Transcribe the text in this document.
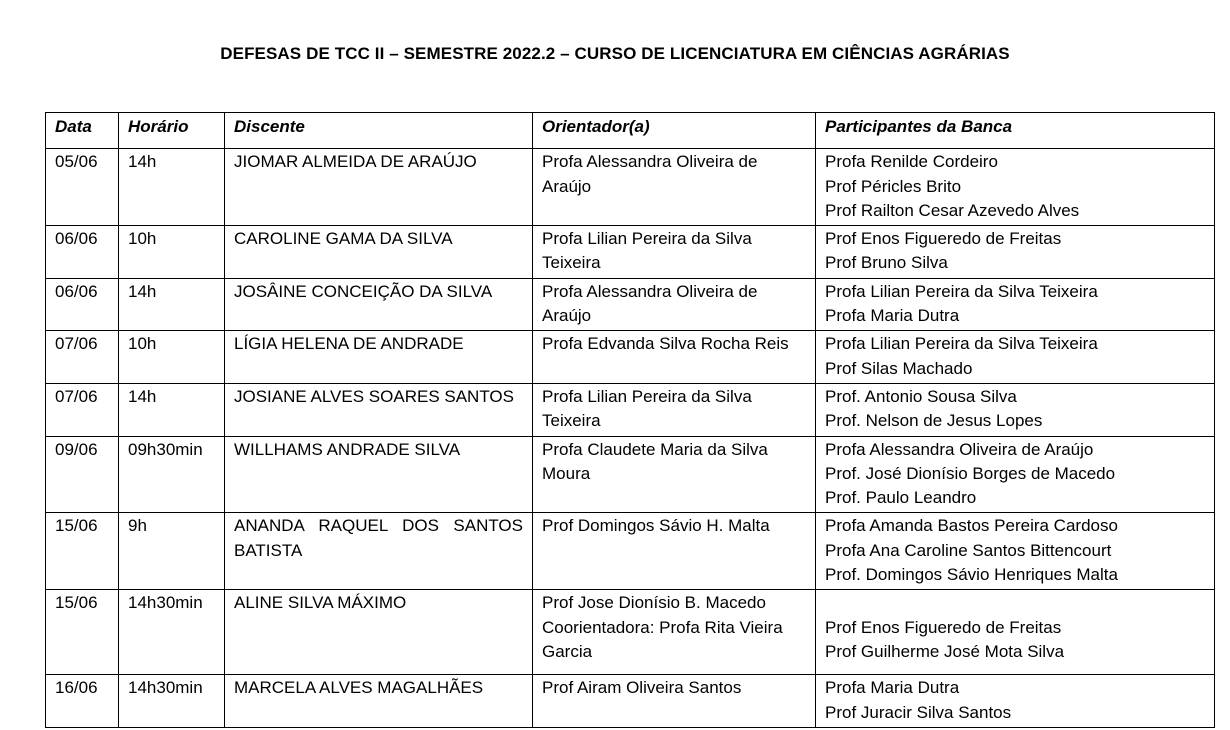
DEFESAS DE TCC II – SEMESTRE 2022.2 – CURSO DE LICENCIATURA EM CIÊNCIAS AGRÁRIAS
Data	Horário	Discente	Orientador(a)	Participantes da Banca
05/06	14h	JIOMAR ALMEIDA DE ARAÚJO	Profa Alessandra Oliveira de Araújo	Profa Renilde Cordeiro
Prof Péricles Brito
Prof Railton Cesar Azevedo Alves

06/06	10h	CAROLINE GAMA DA SILVA	Profa Lilian Pereira da Silva Teixeira	Prof Enos Figueredo de Freitas
Prof Bruno Silva

06/06	14h	JOSÂINE CONCEIÇÃO DA SILVA	Profa Alessandra Oliveira de Araújo	Profa Lilian Pereira da Silva Teixeira
Profa Maria Dutra

07/06	10h	LÍGIA HELENA DE ANDRADE	Profa Edvanda Silva Rocha Reis	Profa Lilian Pereira da Silva Teixeira
Prof Silas Machado

07/06	14h	JOSIANE ALVES SOARES SANTOS	Profa Lilian Pereira da Silva Teixeira	Prof. Antonio Sousa Silva
Prof. Nelson de Jesus Lopes

09/06	09h30min	WILLHAMS ANDRADE SILVA	Profa Claudete Maria da Silva Moura	Profa Alessandra Oliveira de Araújo
Prof. José Dionísio Borges de Macedo
Prof. Paulo Leandro

15/06	9h	ANANDA RAQUEL DOS SANTOS BATISTA	Prof Domingos Sávio H. Malta	Profa Amanda Bastos Pereira Cardoso
Profa Ana Caroline Santos Bittencourt
Prof. Domingos Sávio Henriques Malta

15/06	14h30min	ALINE SILVA MÁXIMO	Prof Jose Dionísio B. Macedo
Coorientadora: Profa Rita Vieira Garcia	Prof Enos Figueredo de Freitas
Prof Guilherme José Mota Silva

16/06	14h30min	MARCELA ALVES MAGALHÃES	Prof Airam Oliveira Santos	Profa Maria Dutra
Prof Juracir Silva Santos
